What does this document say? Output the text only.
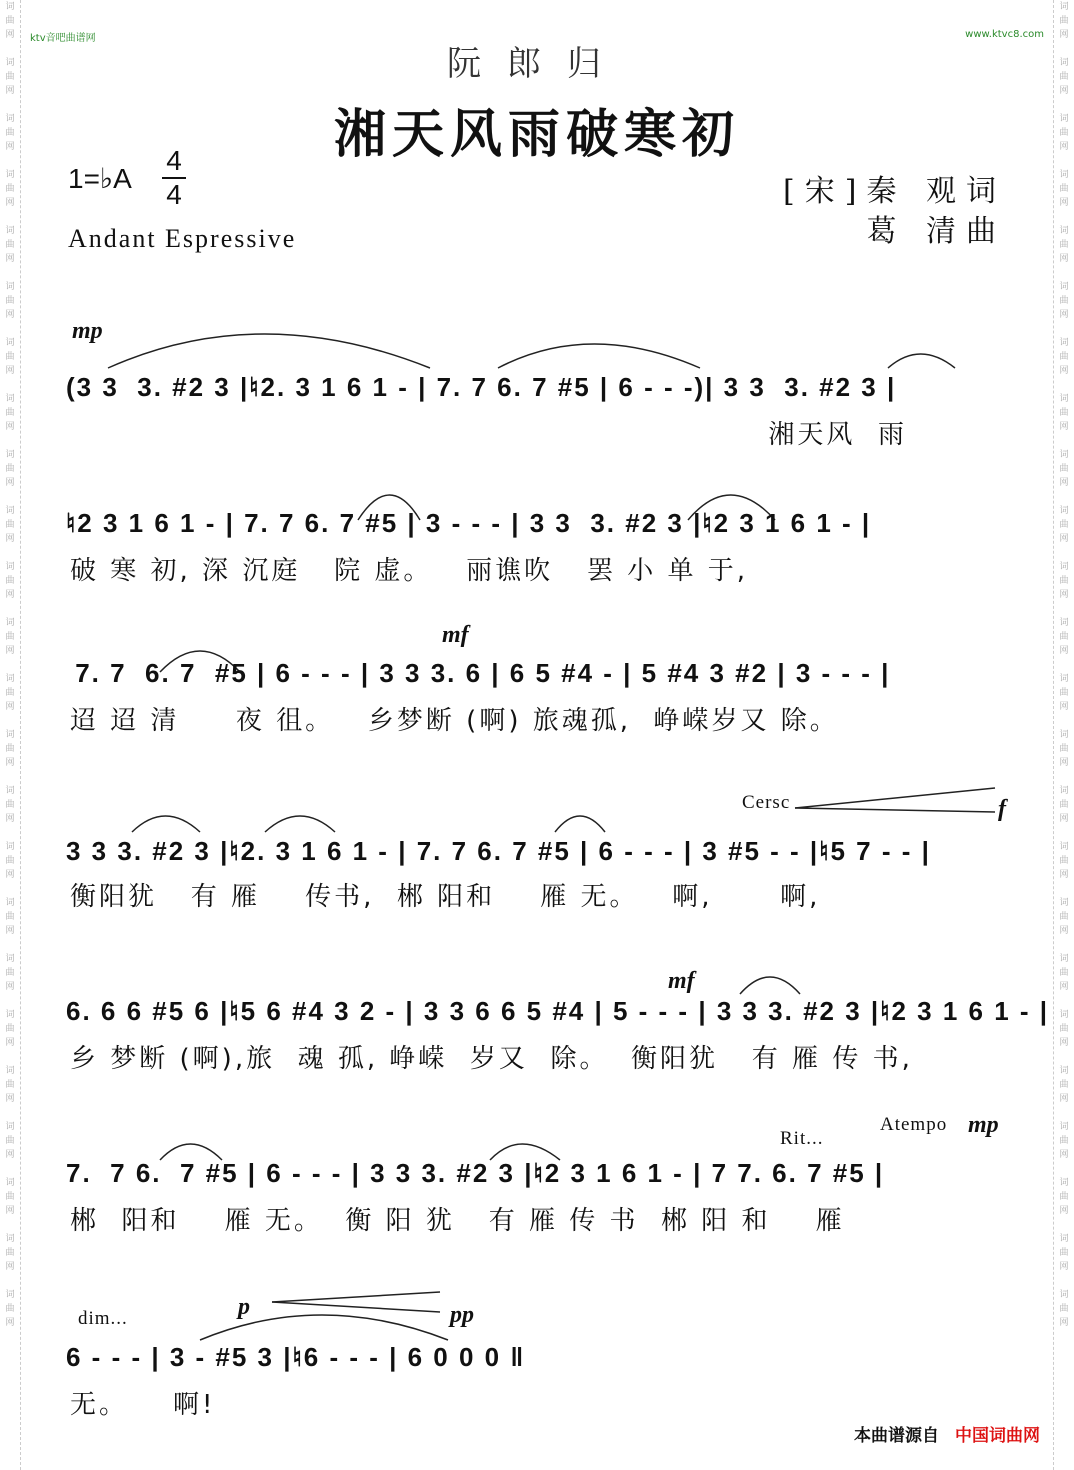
词
曲
网

词
曲
网

词
曲
网

词
曲
网

词
曲
网

词
曲
网

词
曲
网

词
曲
网

词
曲
网

词
曲
网

词
曲
网

词
曲
网

词
曲
网

词
曲
网

词
曲
网

词
曲
网

词
曲
网

词
曲
网

词
曲
网

词
曲
网

词
曲
网

词
曲
网

词
曲
网

词
曲
网

词
曲
网

词
曲
网

词
曲
网

词
曲
网

词
曲
网

词
曲
网

词
曲
网

词
曲
网

词
曲
网

词
曲
网

词
曲
网

词
曲
网

词
曲
网

词
曲
网

词
曲
网

词
曲
网

词
曲
网

词
曲
网

词
曲
网

词
曲
网

词
曲
网

词
曲
网

词
曲
网

词
曲
网

ktv音吧曲谱网	www.ktvc8.com
阮郎归
湘天风雨破寒初
1=♭A
4
4
Andant Espressive
[宋]秦 观词
葛 清曲
mp
mf
Cersc	f
mf
Rit...
Atempo mp
dim...	p	pp
(3 3  3. #2 3 |♮2. 3 1 6 1 - | 7. 7 6. 7 #5 | 6 - - -)| 3 3  3. #2 3 |
湘天风  雨
♮2 3 1 6 1 - | 7. 7 6. 7 #5 | 3 - - - | 3 3  3. #2 3 |♮2 3 1 6 1 - |
破 寒 初, 深 沉庭   院 虚。   丽谯吹   罢 小 单 于,
7. 7  6. 7  #5 | 6 - - - | 3 3 3. 6 | 6 5 #4 - | 5 #4 3 #2 | 3 - - - |
迢 迢 清     夜 徂。   乡梦断 (啊) 旅魂孤,  峥嵘岁又 除。
3 3 3. #2 3 |♮2. 3 1 6 1 - | 7. 7 6. 7 #5 | 6 - - - | 3 #5 - - |♮5 7 - - |
衡阳犹   有 雁    传书,  郴 阳和    雁 无。   啊,      啊,
6. 6 6 #5 6 |♮5 6 #4 3 2 - | 3 3 6 6 5 #4 | 5 - - - | 3 3 3. #2 3 |♮2 3 1 6 1 - |
乡 梦断 (啊),旅  魂 孤, 峥嵘  岁又  除。  衡阳犹   有 雁 传 书,
7.  7 6.  7 #5 | 6 - - - | 3 3 3. #2 3 |♮2 3 1 6 1 - | 7 7. 6. 7 #5 |
郴  阳和    雁 无。  衡 阳 犹   有 雁 传 书  郴 阳 和    雁
6 - - - | 3 - #5 3 |♮6 - - - | 6 0 0 0 ‖
无。    啊!
本曲谱源自 中国词曲网
